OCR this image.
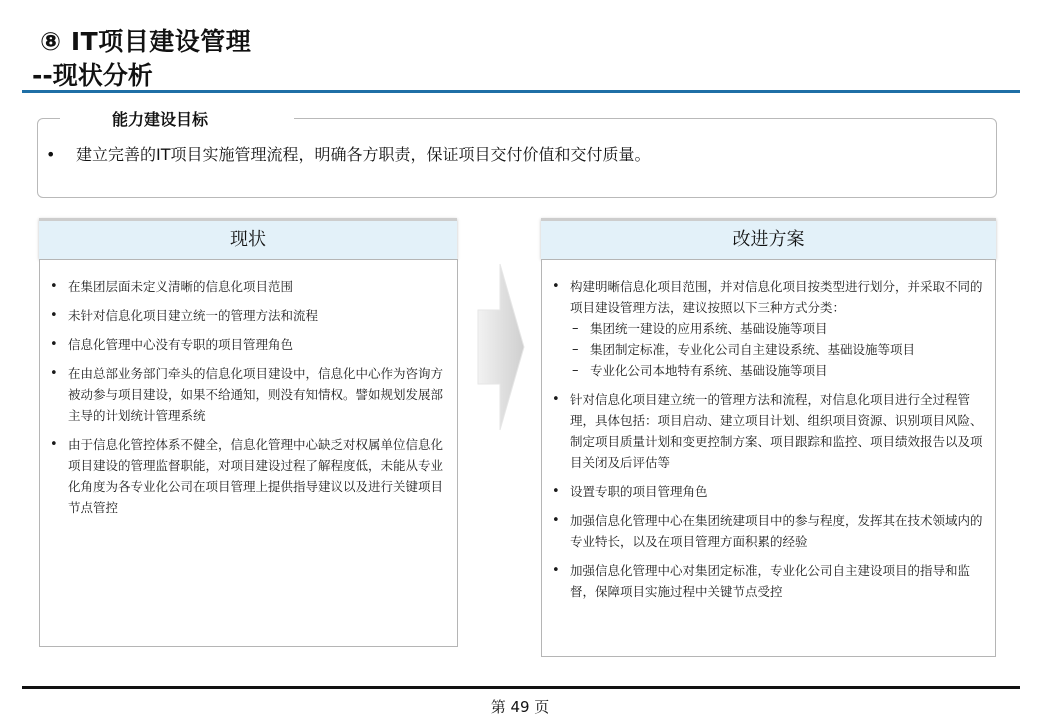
⑧ IT项目建设管理
--现状分析
能力建设目标
• 建立完善的IT项目实施管理流程，明确各方职责，保证项目交付价值和交付质量。
现状
• 在集团层面未定义清晰的信息化项目范围
• 未针对信息化项目建立统一的管理方法和流程
• 信息化管理中心没有专职的项目管理角色
• 在由总部业务部门牵头的信息化项目建设中，信息化中心作为咨询方被动参与项目建设，如果不给通知，则没有知情权。譬如规划发展部主导的计划统计管理系统
• 由于信息化管控体系不健全，信息化管理中心缺乏对权属单位信息化项目建设的管理监督职能，对项目建设过程了解程度低，未能从专业化角度为各专业化公司在项目管理上提供指导建议以及进行关键项目节点管控
改进方案
• 构建明晰信息化项目范围，并对信息化项目按类型进行划分，并采取不同的项目建设管理方法，建议按照以下三种方式分类：
– 集团统一建设的应用系统、基础设施等项目
– 集团制定标准，专业化公司自主建设系统、基础设施等项目
– 专业化公司本地特有系统、基础设施等项目
• 针对信息化项目建立统一的管理方法和流程，对信息化项目进行全过程管理，具体包括：项目启动、建立项目计划、组织项目资源、识别项目风险、制定项目质量计划和变更控制方案、项目跟踪和监控、项目绩效报告以及项目关闭及后评估等
• 设置专职的项目管理角色
• 加强信息化管理中心在集团统建项目中的参与程度，发挥其在技术领域内的专业特长，以及在项目管理方面积累的经验
• 加强信息化管理中心对集团定标准，专业化公司自主建设项目的指导和监督，保障项目实施过程中关键节点受控
第 49 页
